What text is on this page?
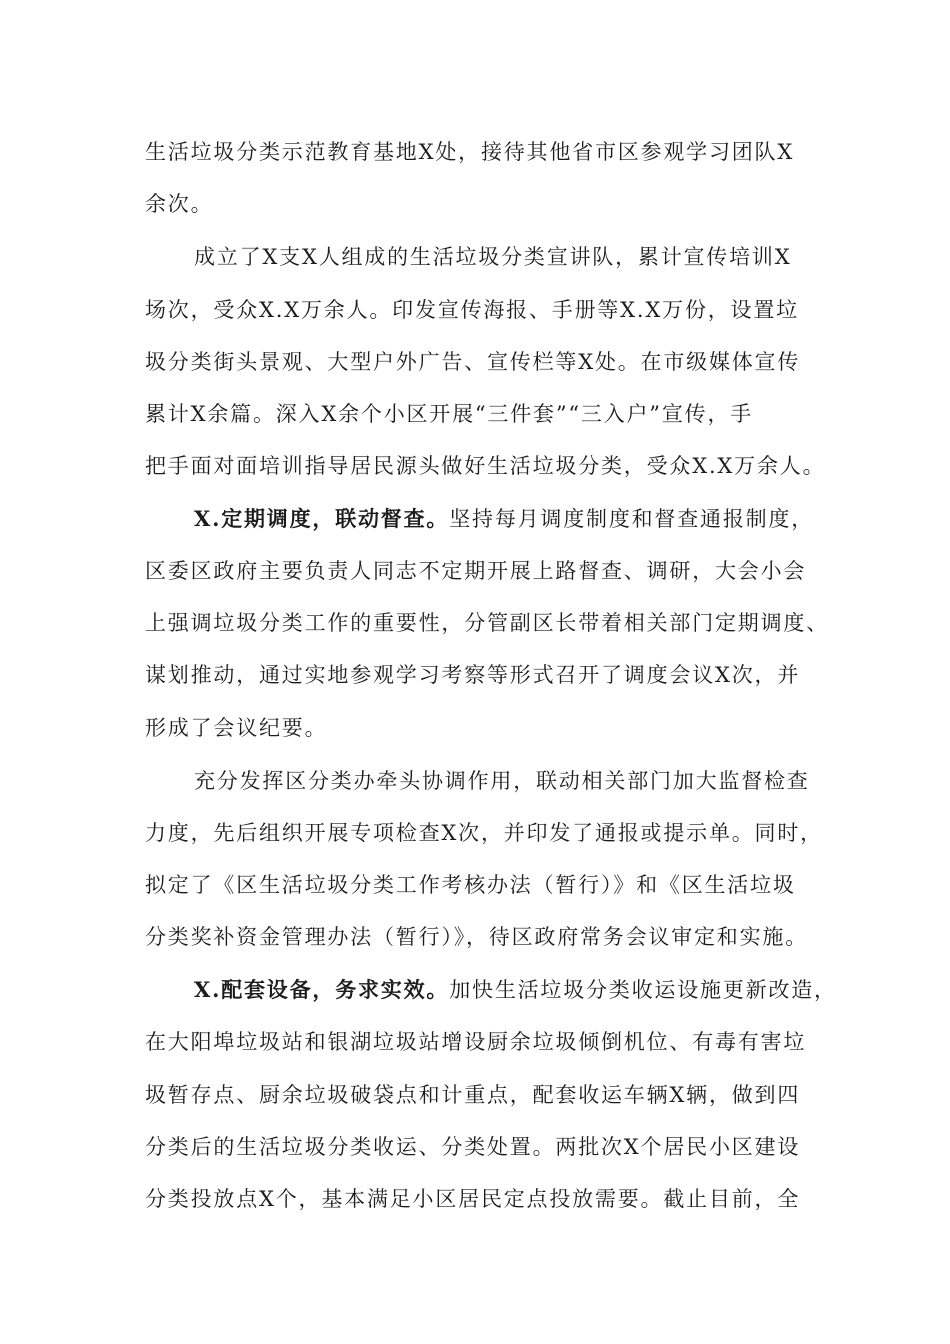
生活垃圾分类示范教育基地X处，接待其他省市区参观学习团队X

余次。

成立了X支X人组成的生活垃圾分类宣讲队，累计宣传培训X

场次，受众X.X万余人。印发宣传海报、手册等X.X万份，设置垃

圾分类街头景观、大型户外广告、宣传栏等X处。在市级媒体宣传

累计X余篇。深入X余个小区开展“三件套”“三入户”宣传，手

把手面对面培训指导居民源头做好生活垃圾分类，受众X.X万余人。

X.定期调度，联动督查。坚持每月调度制度和督查通报制度，

区委区政府主要负责人同志不定期开展上路督查、调研，大会小会

上强调垃圾分类工作的重要性，分管副区长带着相关部门定期调度、

谋划推动，通过实地参观学习考察等形式召开了调度会议X次，并

形成了会议纪要。

充分发挥区分类办牵头协调作用，联动相关部门加大监督检查

力度，先后组织开展专项检查X次，并印发了通报或提示单。同时，

拟定了《区生活垃圾分类工作考核办法（暂行）》和《区生活垃圾

分类奖补资金管理办法（暂行）》，待区政府常务会议审定和实施。

X.配套设备，务求实效。加快生活垃圾分类收运设施更新改造，

在大阳埠垃圾站和银湖垃圾站增设厨余垃圾倾倒机位、有毒有害垃

圾暂存点、厨余垃圾破袋点和计重点，配套收运车辆X辆，做到四

分类后的生活垃圾分类收运、分类处置。两批次X个居民小区建设

分类投放点X个，基本满足小区居民定点投放需要。截止目前，全
